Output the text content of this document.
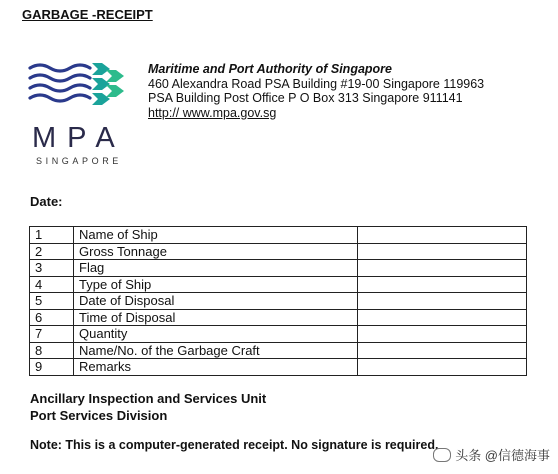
GARBAGE -RECEIPT
MPA
SINGAPORE
Maritime and Port Authority of Singapore
460 Alexandra Road PSA Building #19-00 Singapore 119963
PSA Building Post Office P O Box 313 Singapore 911141
http:// www.mpa.gov.sg
Date:
1	Name of Ship	
2	Gross Tonnage	
3	Flag	
4	Type of Ship	
5	Date of Disposal	
6	Time of Disposal	
7	Quantity	
8	Name/No. of the Garbage Craft	
9	Remarks	
Ancillary Inspection and Services Unit
Port Services Division
Note: This is a computer-generated receipt. No signature is required.
头条 @信德海事
